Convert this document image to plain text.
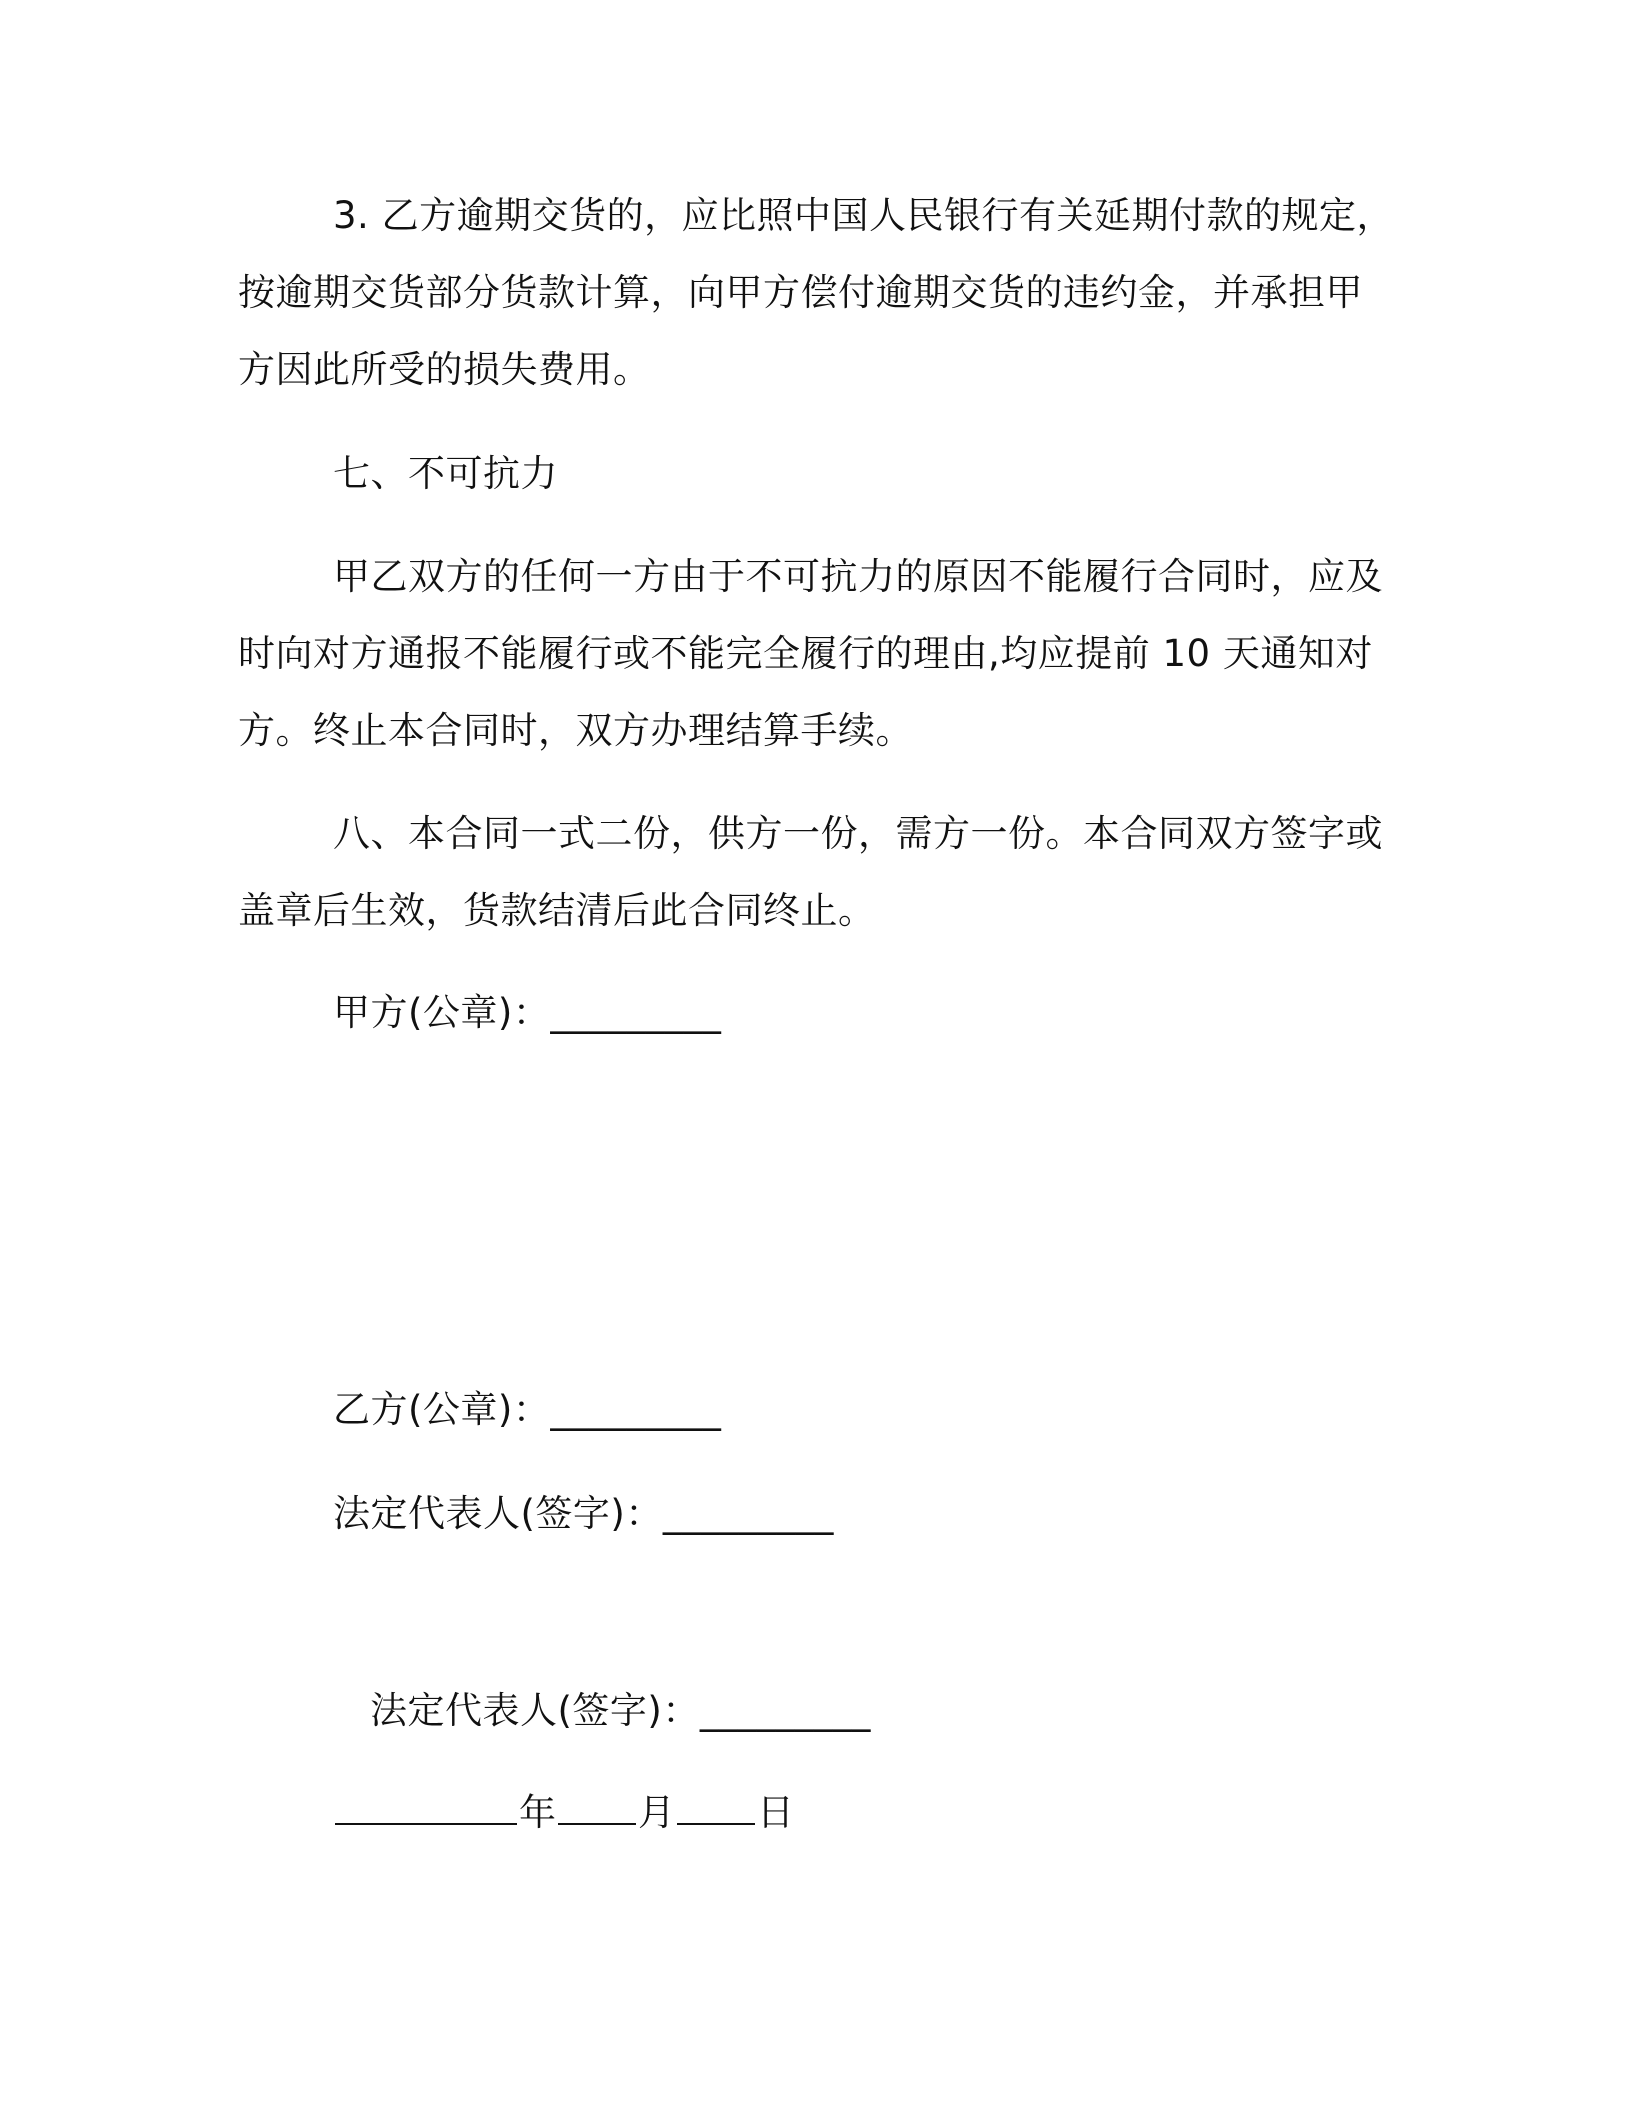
3. 乙方逾期交货的，应比照中国人民银行有关延期付款的规定，
按逾期交货部分货款计算，向甲方偿付逾期交货的违约金，并承担甲
方因此所受的损失费用。
七、不可抗力
甲乙双方的任何一方由于不可抗力的原因不能履行合同时，应及
时向对方通报不能履行或不能完全履行的理由,均应提前 10 天通知对
方。终止本合同时，双方办理结算手续。
八、本合同一式二份，供方一份，需方一份。本合同双方签字或
盖章后生效，货款结清后此合同终止。
甲方(公章)：_________
乙方(公章)：_________
法定代表人(签字)：_________
法定代表人(签字)：_________
年 月 日
